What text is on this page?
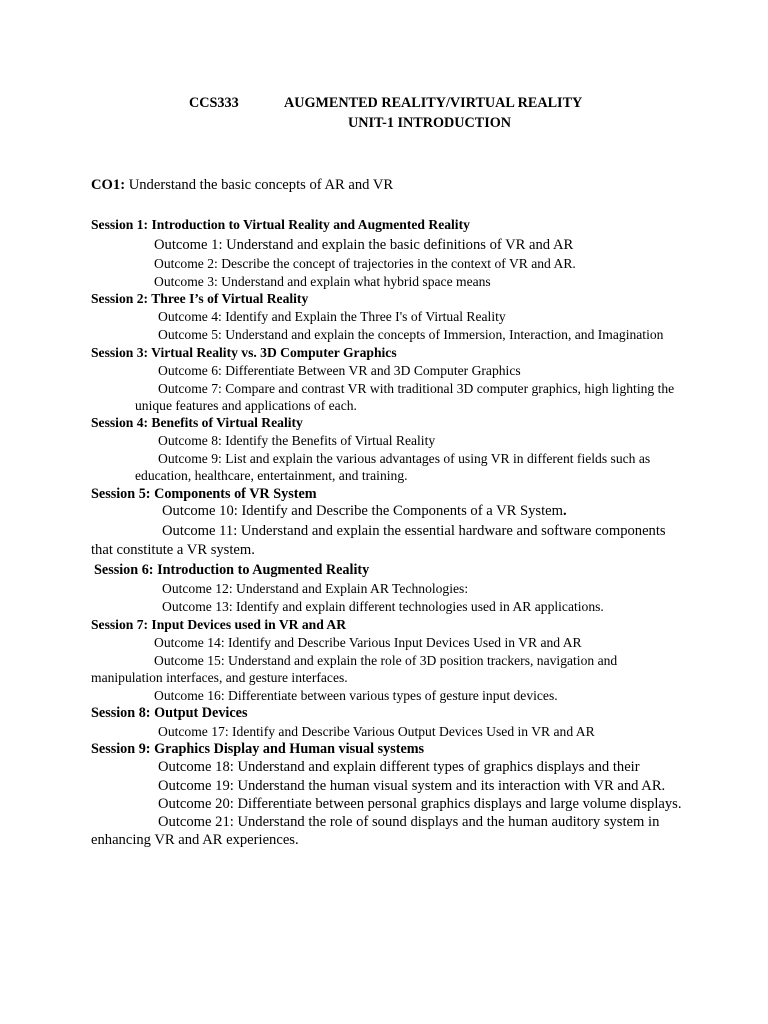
CCS333	AUGMENTED REALITY/VIRTUAL REALITY
UNIT-1 INTRODUCTION
CO1: Understand the basic concepts of AR and VR
Session 1: Introduction to Virtual Reality and Augmented Reality
Outcome 1: Understand and explain the basic definitions of VR and AR
Outcome 2: Describe the concept of trajectories in the context of VR and AR.
Outcome 3: Understand and explain what hybrid space means
Session 2: Three I’s of Virtual Reality
Outcome 4: Identify and Explain the Three I's of Virtual Reality
Outcome 5: Understand and explain the concepts of Immersion, Interaction, and Imagination
Session 3: Virtual Reality vs. 3D Computer Graphics
Outcome 6: Differentiate Between VR and 3D Computer Graphics
Outcome 7: Compare and contrast VR with traditional 3D computer graphics, high lighting the
unique features and applications of each.
Session 4: Benefits of Virtual Reality
Outcome 8: Identify the Benefits of Virtual Reality
Outcome 9: List and explain the various advantages of using VR in different fields such as
education, healthcare, entertainment, and training.
Session 5: Components of VR System
Outcome 10: Identify and Describe the Components of a VR System.
Outcome 11: Understand and explain the essential hardware and software components
that constitute a VR system.
Session 6: Introduction to Augmented Reality
Outcome 12: Understand and Explain AR Technologies:
Outcome 13: Identify and explain different technologies used in AR applications.
Session 7: Input Devices used in VR and AR
Outcome 14: Identify and Describe Various Input Devices Used in VR and AR
Outcome 15: Understand and explain the role of 3D position trackers, navigation and
manipulation interfaces, and gesture interfaces.
Outcome 16: Differentiate between various types of gesture input devices.
Session 8: Output Devices
Outcome 17: Identify and Describe Various Output Devices Used in VR and AR
Session 9: Graphics Display and Human visual systems
Outcome 18: Understand and explain different types of graphics displays and their
Outcome 19: Understand the human visual system and its interaction with VR and AR.
Outcome 20: Differentiate between personal graphics displays and large volume displays.
Outcome 21: Understand the role of sound displays and the human auditory system in
enhancing VR and AR experiences.
